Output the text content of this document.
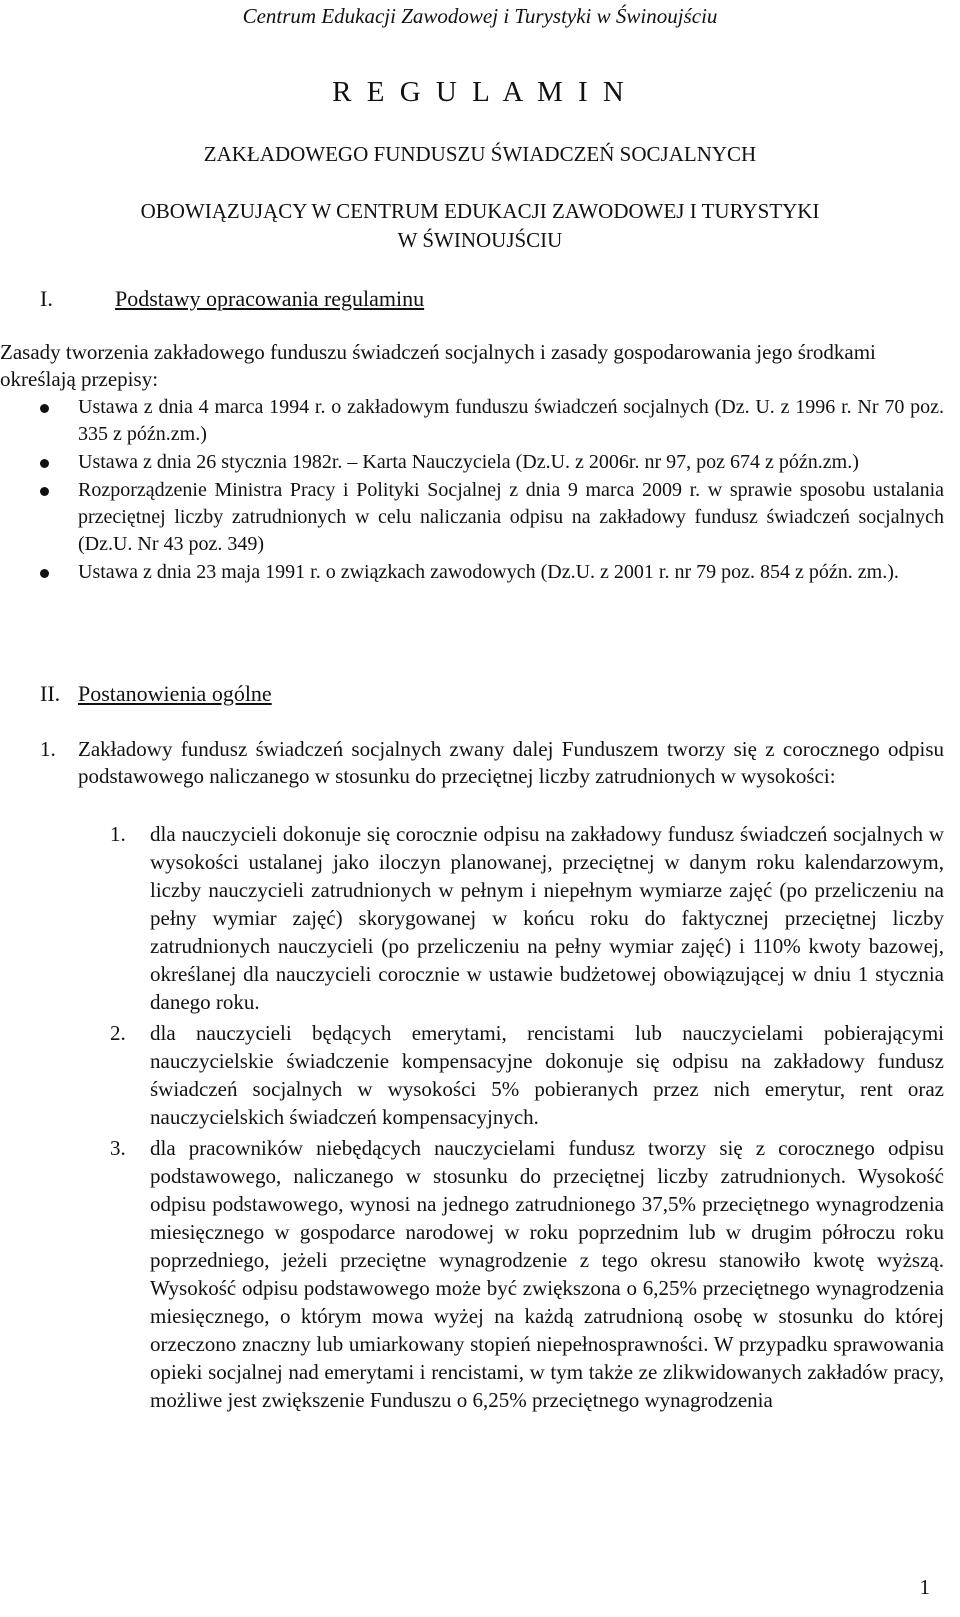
Centrum Edukacji Zawodowej i Turystyki w Świnoujściu
R E G U L A M I N
ZAKŁADOWEGO FUNDUSZU ŚWIADCZEŃ SOCJALNYCH
OBOWIĄZUJĄCY W CENTRUM EDUKACJI ZAWODOWEJ I TURYSTYKI
W ŚWINOUJŚCIU
I.	Podstawy opracowania regulaminu
Zasady tworzenia zakładowego funduszu świadczeń socjalnych i zasady gospodarowania jego środkami określają przepisy:
Ustawa z dnia 4 marca 1994 r. o zakładowym funduszu świadczeń socjalnych (Dz. U. z 1996 r. Nr 70 poz. 335 z późn.zm.)
Ustawa z dnia 26 stycznia 1982r. – Karta Nauczyciela (Dz.U. z 2006r. nr 97, poz 674 z późn.zm.)
Rozporządzenie Ministra Pracy i Polityki Socjalnej z dnia 9 marca 2009 r. w sprawie sposobu ustalania przeciętnej liczby zatrudnionych w celu naliczania odpisu na zakładowy fundusz świadczeń socjalnych (Dz.U. Nr 43 poz. 349)
Ustawa z dnia 23 maja 1991 r. o związkach zawodowych (Dz.U. z 2001 r. nr 79 poz. 854 z późn. zm.).
II. Postanowienia ogólne
1. Zakładowy fundusz świadczeń socjalnych zwany dalej Funduszem tworzy się z corocznego odpisu podstawowego naliczanego w stosunku do przeciętnej liczby zatrudnionych w wysokości:
1. dla nauczycieli dokonuje się corocznie odpisu na zakładowy fundusz świadczeń socjalnych w wysokości ustalanej jako iloczyn planowanej, przeciętnej w danym roku kalendarzowym, liczby nauczycieli zatrudnionych w pełnym i niepełnym wymiarze zajęć (po przeliczeniu na pełny wymiar zajęć) skorygowanej w końcu roku do faktycznej przeciętnej liczby zatrudnionych nauczycieli (po przeliczeniu na pełny wymiar zajęć) i 110% kwoty bazowej, określanej dla nauczycieli corocznie w ustawie budżetowej obowiązującej w dniu 1 stycznia danego roku.
2. dla nauczycieli będących emerytami, rencistami lub nauczycielami pobierającymi nauczycielskie świadczenie kompensacyjne dokonuje się odpisu na zakładowy fundusz świadczeń socjalnych w wysokości 5% pobieranych przez nich emerytur, rent oraz nauczycielskich świadczeń kompensacyjnych.
3. dla pracowników niebędących nauczycielami fundusz tworzy się z corocznego odpisu podstawowego, naliczanego w stosunku do przeciętnej liczby zatrudnionych. Wysokość odpisu podstawowego, wynosi na jednego zatrudnionego 37,5% przeciętnego wynagrodzenia miesięcznego w gospodarce narodowej w roku poprzednim lub w drugim półroczu roku poprzedniego, jeżeli przeciętne wynagrodzenie z tego okresu stanowiło kwotę wyższą. Wysokość odpisu podstawowego może być zwiększona o 6,25% przeciętnego wynagrodzenia miesięcznego, o którym mowa wyżej na każdą zatrudnioną osobę w stosunku do której orzeczono znaczny lub umiarkowany stopień niepełnosprawności. W przypadku sprawowania opieki socjalnej nad emerytami i rencistami, w tym także ze zlikwidowanych zakładów pracy, możliwe jest zwiększenie Funduszu o 6,25% przeciętnego wynagrodzenia
1
